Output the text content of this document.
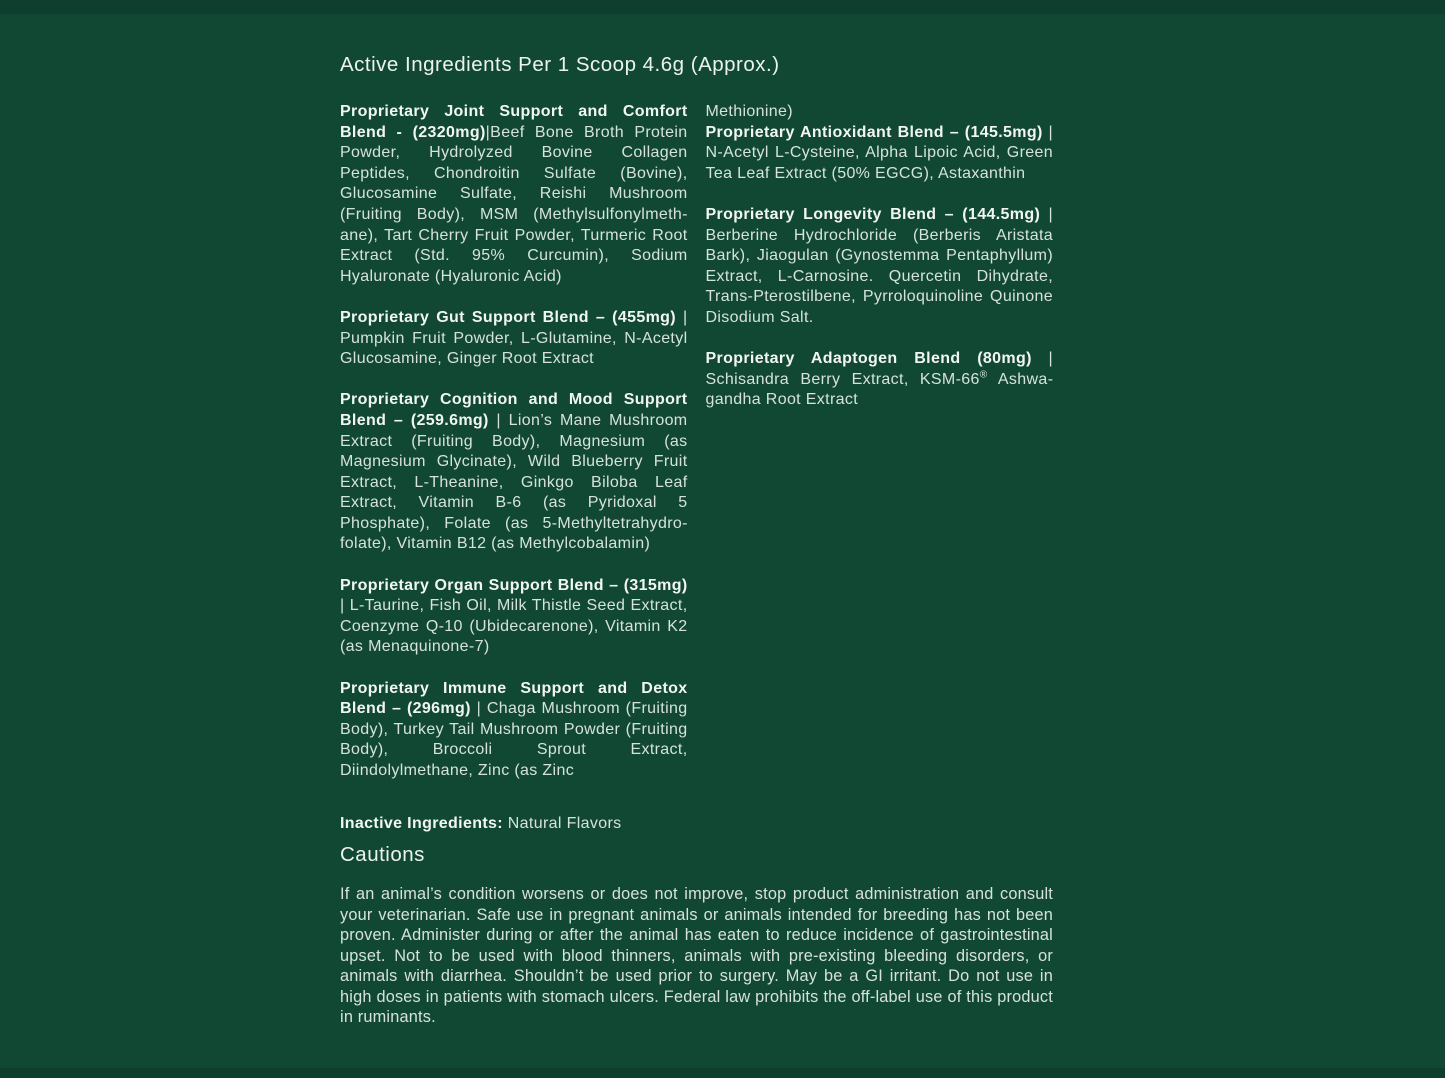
Active Ingredients Per 1 Scoop 4.6g (Approx.)

Proprietary Joint Support and Comfort Blend - (2320mg)|Beef Bone Broth Protein Powder, Hydrolyzed Bovine Collagen Peptides, Chondroitin Sulfate (Bovine), Glucosamine Sulfate, Reishi Mushroom (Fruiting Body), MSM (Methylsulfonylmethane), Tart Cherry Fruit Powder, Turmeric Root Extract (Std. 95% Curcumin), Sodium Hyaluronate (Hyaluronic Acid)

Proprietary Gut Support Blend – (455mg) | Pumpkin Fruit Powder, L-Glutamine, N-Acetyl Glucosamine, Ginger Root Extract

Proprietary Cognition and Mood Support Blend – (259.6mg) | Lion’s Mane Mushroom Extract (Fruiting Body), Magnesium (as Magnesium Glycinate), Wild Blueberry Fruit Extract, L-Theanine, Ginkgo Biloba Leaf Extract, Vitamin B-6 (as Pyridoxal 5 Phosphate), Folate (as 5-Methyltetrahydrofolate), Vitamin B12 (as Methylcobalamin)

Proprietary Organ Support Blend – (315mg) | L-Taurine, Fish Oil, Milk Thistle Seed Extract, Coenzyme Q-10 (Ubidecarenone), Vitamin K2 (as Menaquinone-7)

Proprietary Immune Support and Detox Blend – (296mg) | Chaga Mushroom (Fruiting Body), Turkey Tail Mushroom Powder (Fruiting Body), Broccoli Sprout Extract, Diindolylmethane, Zinc (as Zinc

Inactive Ingredients: Natural Flavors

Methionine)
Proprietary Antioxidant Blend – (145.5mg) | N-Acetyl L-Cysteine, Alpha Lipoic Acid, Green Tea Leaf Extract (50% EGCG), Astaxanthin

Proprietary Longevity Blend – (144.5mg) | Berberine Hydrochloride (Berberis Aristata Bark), Jiaogulan (Gynostemma Pentaphyllum) Extract, L-Carnosine. Quercetin Dihydrate, Trans-Pterostilbene, Pyrroloquinoline Quinone Disodium Salt.

Proprietary Adaptogen Blend (80mg) | Schisandra Berry Extract, KSM-66® Ashwagandha Root Extract

Cautions

If an animal’s condition worsens or does not improve, stop product administration and consult your veterinarian. Safe use in pregnant animals or animals intended for breeding has not been proven. Administer during or after the animal has eaten to reduce incidence of gastrointestinal upset. Not to be used with blood thinners, animals with pre-existing bleeding disorders, or animals with diarrhea. Shouldn’t be used prior to surgery. May be a GI irritant. Do not use in high doses in patients with stomach ulcers. Federal law prohibits the off-label use of this product in ruminants.
